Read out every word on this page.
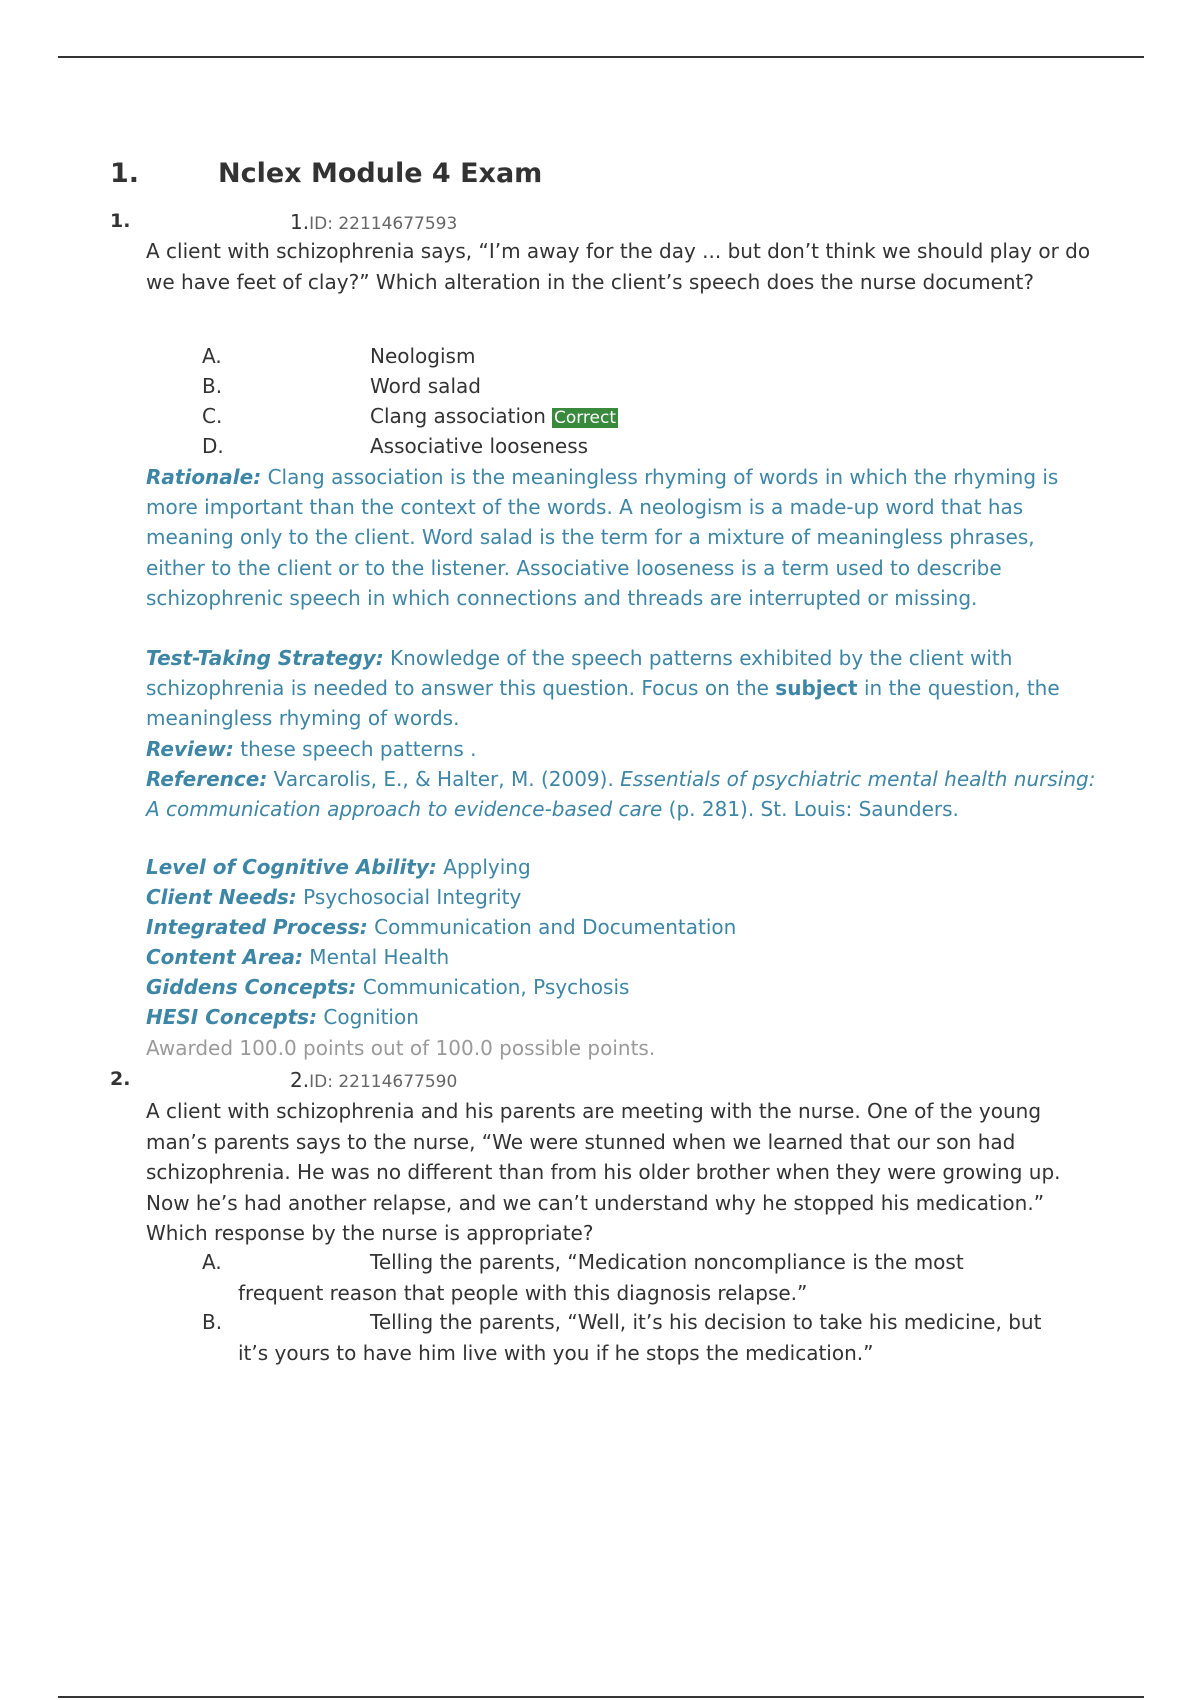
1.	Nclex Module 4 Exam
1.	1.ID: 22114677593
A client with schizophrenia says, “I’m away for the day ... but don’t think we should play or do we have feet of clay?” Which alteration in the client’s speech does the nurse document?
A.	Neologism
B.	Word salad
C.	Clang association Correct
D.	Associative looseness
Rationale: Clang association is the meaningless rhyming of words in which the rhyming is more important than the context of the words. A neologism is a made-up word that has meaning only to the client. Word salad is the term for a mixture of meaningless phrases, either to the client or to the listener. Associative looseness is a term used to describe schizophrenic speech in which connections and threads are interrupted or missing.
Test-Taking Strategy: Knowledge of the speech patterns exhibited by the client with schizophrenia is needed to answer this question. Focus on the subject in the question, the meaningless rhyming of words.
Review: these speech patterns .
Reference: Varcarolis, E., & Halter, M. (2009). Essentials of psychiatric mental health nursing: A communication approach to evidence-based care (p. 281). St. Louis: Saunders.
Level of Cognitive Ability: Applying
Client Needs: Psychosocial Integrity
Integrated Process: Communication and Documentation
Content Area: Mental Health
Giddens Concepts: Communication, Psychosis
HESI Concepts: Cognition
Awarded 100.0 points out of 100.0 possible points.
2.	2.ID: 22114677590
A client with schizophrenia and his parents are meeting with the nurse. One of the young man’s parents says to the nurse, “We were stunned when we learned that our son had schizophrenia. He was no different than from his older brother when they were growing up. Now he’s had another relapse, and we can’t understand why he stopped his medication.” Which response by the nurse is appropriate?
A.	Telling the parents, “Medication noncompliance is the most
frequent reason that people with this diagnosis relapse.”
B.	Telling the parents, “Well, it’s his decision to take his medicine, but
it’s yours to have him live with you if he stops the medication.”
